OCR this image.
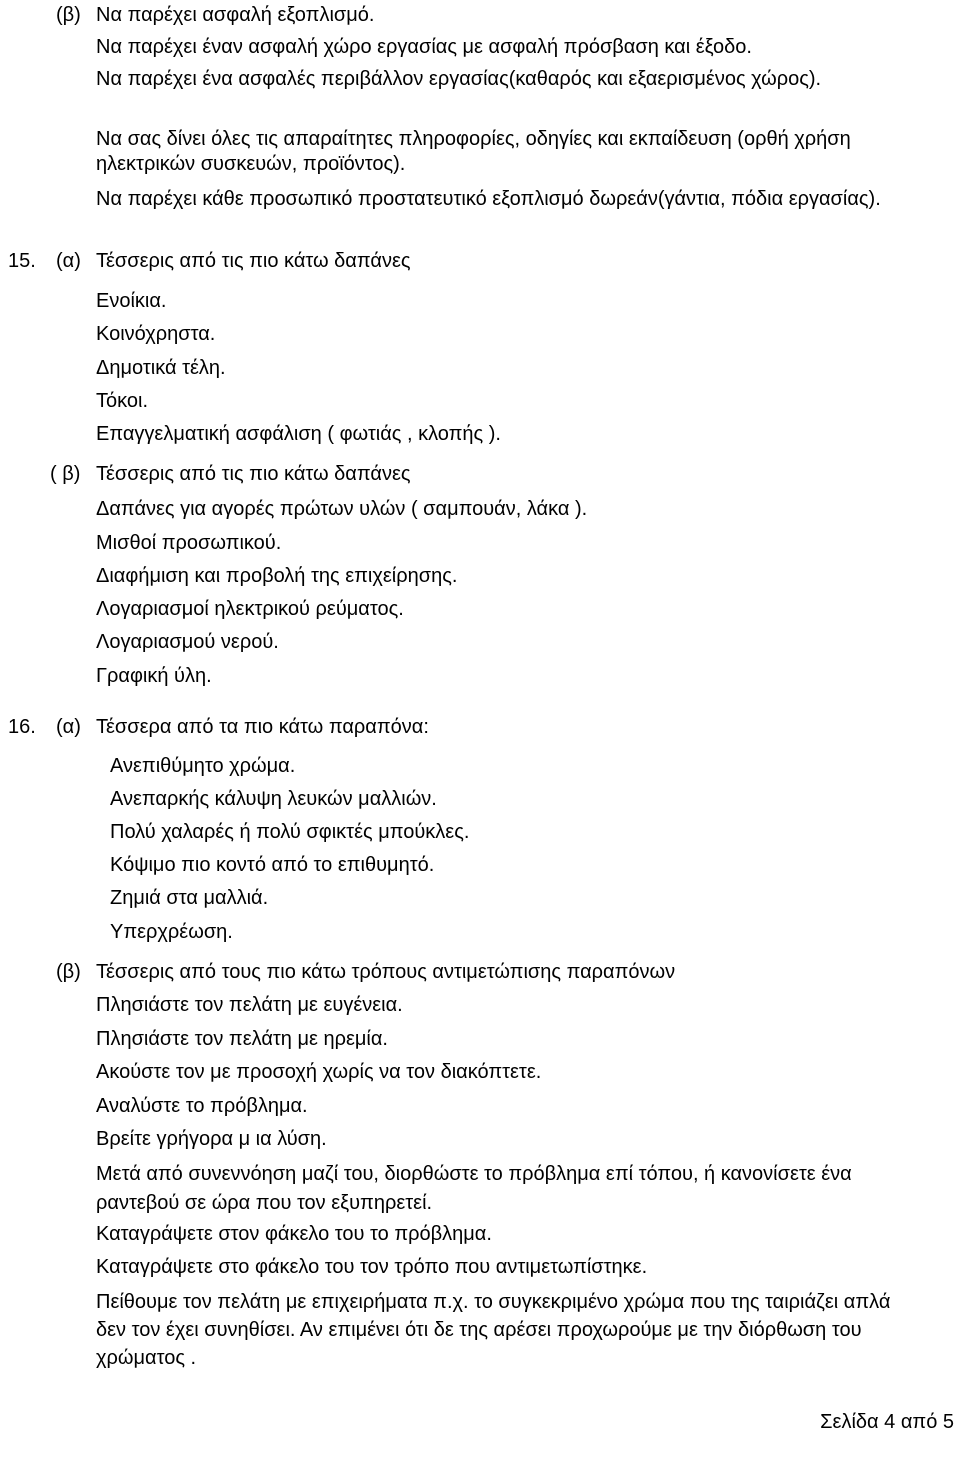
(β) Να παρέχει ασφαλή εξοπλισμό.

Να παρέχει έναν ασφαλή χώρο εργασίας με ασφαλή πρόσβαση και έξοδο.

Να παρέχει ένα ασφαλές περιβάλλον εργασίας(καθαρός και εξαερισμένος χώρος).

Να σας δίνει όλες τις απαραίτητες πληροφορίες, οδηγίες και εκπαίδευση (ορθή χρήση ηλεκτρικών συσκευών, προϊόντος).

Να παρέχει κάθε προσωπικό προστατευτικό εξοπλισμό δωρεάν(γάντια, πόδια εργασίας).

15. (α) Τέσσερις από τις πιο κάτω δαπάνες

Ενοίκια.

Κοινόχρηστα.

Δημοτικά τέλη.

Τόκοι.

Επαγγελματική ασφάλιση ( φωτιάς , κλοπής ).

( β) Τέσσερις από τις πιο κάτω δαπάνες

Δαπάνες για αγορές πρώτων υλών ( σαμπουάν, λάκα ).

Μισθοί προσωπικού.

Διαφήμιση και προβολή της επιχείρησης.

Λογαριασμοί ηλεκτρικού ρεύματος.

Λογαριασμού νερού.

Γραφική ύλη.

16. (α) Τέσσερα από τα πιο κάτω παραπόνα:

Ανεπιθύμητο χρώμα.

Ανεπαρκής κάλυψη λευκών μαλλιών.

Πολύ χαλαρές ή πολύ σφικτές μπούκλες.

Κόψιμο πιο κοντό από το επιθυμητό.

Ζημιά στα μαλλιά.

Υπερχρέωση.

(β) Τέσσερις από τους πιο κάτω τρόπους αντιμετώπισης παραπόνων

Πλησιάστε τον πελάτη με ευγένεια.

Πλησιάστε τον πελάτη με ηρεμία.

Ακούστε τον με προσοχή χωρίς να τον διακόπτετε.

Αναλύστε το πρόβλημα.

Βρείτε γρήγορα μ ια λύση.

Μετά από συνεννόηση μαζί του, διορθώστε το πρόβλημα επί τόπου, ή κανονίσετε ένα ραντεβού σε ώρα που τον εξυπηρετεί.

Καταγράψετε στον φάκελο του το πρόβλημα.

Καταγράψετε στο φάκελο του τον τρόπο που αντιμετωπίστηκε.

Πείθουμε τον πελάτη με επιχειρήματα π.χ. το συγκεκριμένο χρώμα που της ταιριάζει απλά δεν τον έχει συνηθίσει. Αν επιμένει ότι δε της αρέσει προχωρούμε με την διόρθωση του χρώματος .

Σελίδα 4 από 5
